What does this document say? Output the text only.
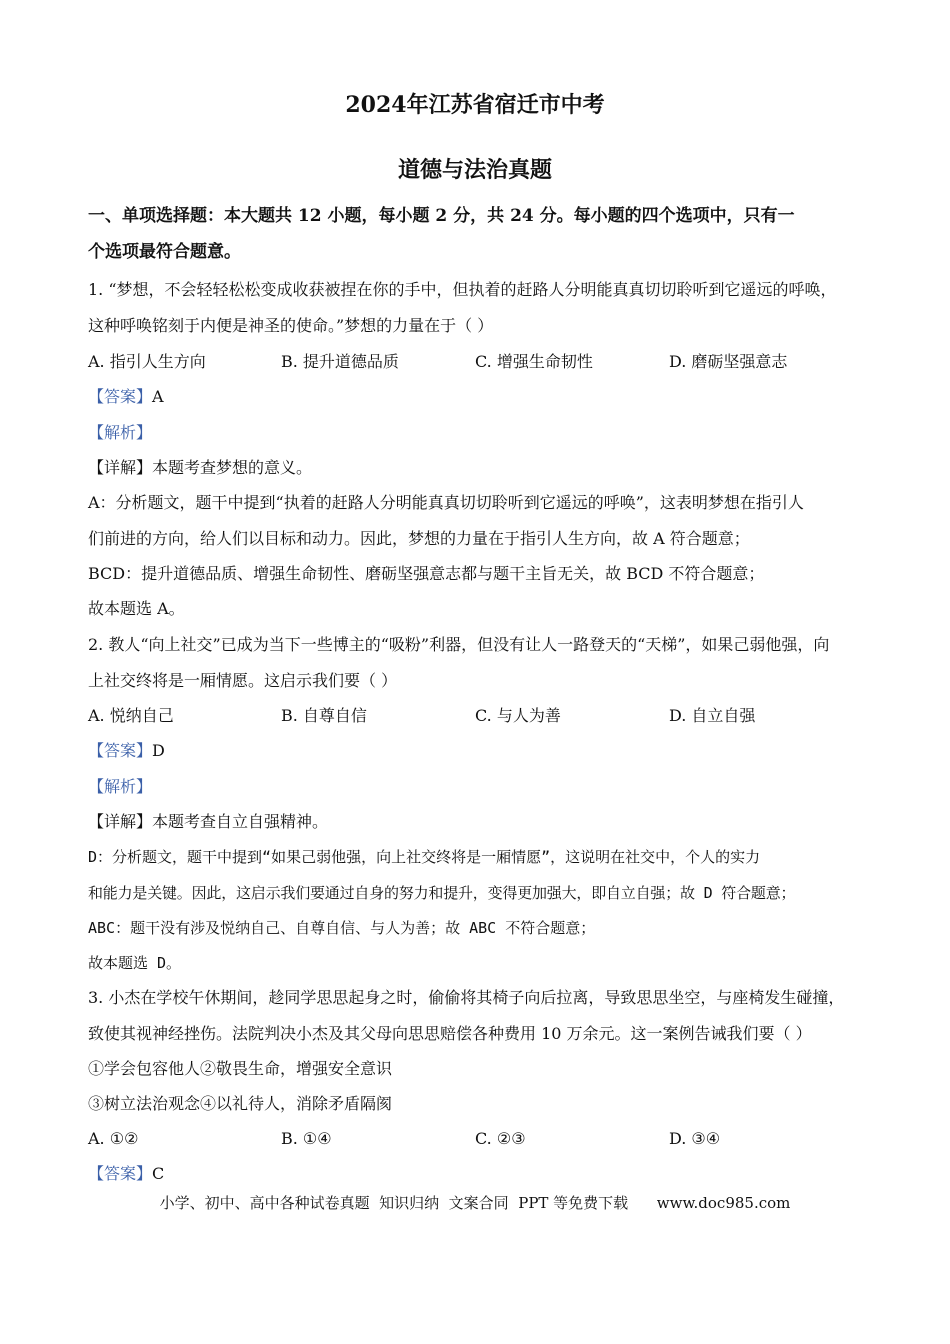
2024年江苏省宿迁市中考
道德与法治真题
一、单项选择题：本大题共 12 小题，每小题 2 分，共 24 分。每小题的四个选项中，只有一
个选项最符合题意。
1. “梦想，不会轻轻松松变成收获被捏在你的手中，但执着的赶路人分明能真真切切聆听到它遥远的呼唤，
这种呼唤铭刻于内便是神圣的使命。”梦想的力量在于（ ）
A. 指引人生方向	B. 提升道德品质	C. 增强生命韧性	D. 磨砺坚强意志
【答案】A
【解析】
【详解】本题考查梦想的意义。
A：分析题文，题干中提到“执着的赶路人分明能真真切切聆听到它遥远的呼唤”，这表明梦想在指引人
们前进的方向，给人们以目标和动力。因此，梦想的力量在于指引人生方向，故 A 符合题意；
BCD：提升道德品质、增强生命韧性、磨砺坚强意志都与题干主旨无关，故 BCD 不符合题意；
故本题选 A。
2. 教人“向上社交”已成为当下一些博主的“吸粉”利器，但没有让人一路登天的“天梯”，如果己弱他强，向
上社交终将是一厢情愿。这启示我们要（ ）
A. 悦纳自己	B. 自尊自信	C. 与人为善	D. 自立自强
【答案】D
【解析】
【详解】本题考查自立自强精神。
D：分析题文，题干中提到“如果己弱他强，向上社交终将是一厢情愿”，这说明在社交中，个人的实力
和能力是关键。因此，这启示我们要通过自身的努力和提升，变得更加强大，即自立自强；故 D 符合题意；
ABC：题干没有涉及悦纳自己、自尊自信、与人为善；故 ABC 不符合题意；
故本题选 D。
3. 小杰在学校午休期间，趁同学思思起身之时，偷偷将其椅子向后拉离，导致思思坐空，与座椅发生碰撞，
致使其视神经挫伤。法院判决小杰及其父母向思思赔偿各种费用 10 万余元。这一案例告诫我们要（ ）
①学会包容他人②敬畏生命，增强安全意识
③树立法治观念④以礼待人，消除矛盾隔阂
A. ①②	B. ①④	C. ②③	D. ③④
【答案】C
小学、初中、高中各种试卷真题  知识归纳  文案合同  PPT 等免费下载      www.doc985.com
